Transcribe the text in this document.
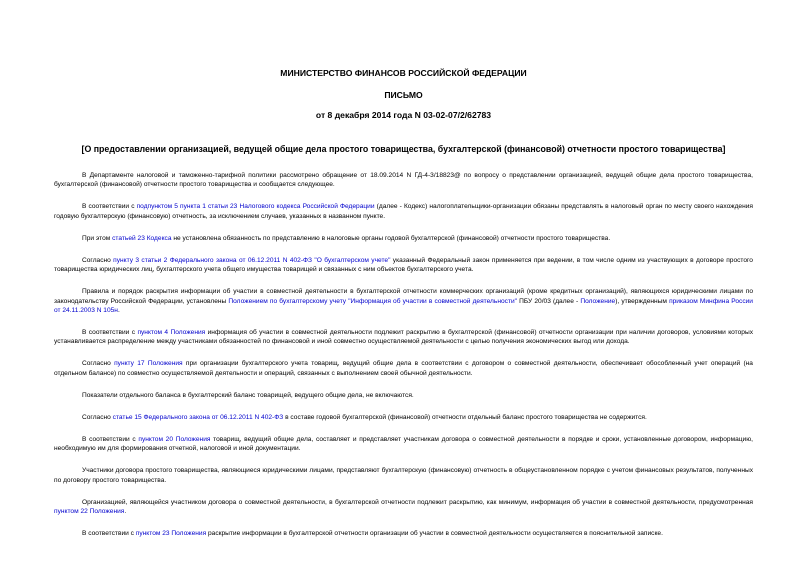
МИНИСТЕРСТВО ФИНАНСОВ РОССИЙСКОЙ ФЕДЕРАЦИИ
ПИСЬМО
от 8 декабря 2014 года N 03-02-07/2/62783
[О предоставлении организацией, ведущей общие дела простого товарищества, бухгалтерской (финансовой) отчетности простого товарищества]

В Департаменте налоговой и таможенно-тарифной политики рассмотрено обращение от 18.09.2014 N ГД-4-3/18823@ по вопросу о представлении организацией, ведущей общие дела простого товарищества, бухгалтерской (финансовой) отчетности простого товарищества и сообщается следующее.

В соответствии с подпунктом 5 пункта 1 статьи 23 Налогового кодекса Российской Федерации (далее - Кодекс) налогоплательщики-организации обязаны представлять в налоговый орган по месту своего нахождения годовую бухгалтерскую (финансовую) отчетность, за исключением случаев, указанных в названном пункте.

При этом статьей 23 Кодекса не установлена обязанность по представлению в налоговые органы годовой бухгалтерской (финансовой) отчетности простого товарищества.

Согласно пункту 3 статьи 2 Федерального закона от 06.12.2011 N 402-ФЗ "О бухгалтерском учете" указанный Федеральный закон применяется при ведении, в том числе одним из участвующих в договоре простого товарищества юридических лиц, бухгалтерского учета общего имущества товарищей и связанных с ним объектов бухгалтерского учета.

Правила и порядок раскрытия информации об участии в совместной деятельности в бухгалтерской отчетности коммерческих организаций (кроме кредитных организаций), являющихся юридическими лицами по законодательству Российской Федерации, установлены Положением по бухгалтерскому учету "Информация об участии в совместной деятельности" ПБУ 20/03 (далее - Положение), утвержденным приказом Минфина России от 24.11.2003 N 105н.

В соответствии с пунктом 4 Положения информация об участии в совместной деятельности подлежит раскрытию в бухгалтерской (финансовой) отчетности организации при наличии договоров, условиями которых устанавливается распределение между участниками обязанностей по финансовой и иной совместно осуществляемой деятельности с целью получения экономических выгод или дохода.

Согласно пункту 17 Положения при организации бухгалтерского учета товарищ, ведущий общие дела в соответствии с договором о совместной деятельности, обеспечивает обособленный учет операций (на отдельном балансе) по совместно осуществляемой деятельности и операций, связанных с выполнением своей обычной деятельности.

Показатели отдельного баланса в бухгалтерский баланс товарищей, ведущего общие дела, не включаются.

Согласно статье 15 Федерального закона от 06.12.2011 N 402-ФЗ в составе годовой бухгалтерской (финансовой) отчетности отдельный баланс простого товарищества не содержится.

В соответствии с пунктом 20 Положения товарищ, ведущий общие дела, составляет и представляет участникам договора о совместной деятельности в порядке и сроки, установленные договором, информацию, необходимую им для формирования отчетной, налоговой и иной документации.

Участники договора простого товарищества, являющиеся юридическими лицами, представляют бухгалтерскую (финансовую) отчетность в общеустановленном порядке с учетом финансовых результатов, полученных по договору простого товарищества.

Организацией, являющейся участником договора о совместной деятельности, в бухгалтерской отчетности подлежит раскрытию, как минимум, информация об участии в совместной деятельности, предусмотренная пунктом 22 Положения.

В соответствии с пунктом 23 Положения раскрытие информации в бухгалтерской отчетности организации об участии в совместной деятельности осуществляется в пояснительной записке.
